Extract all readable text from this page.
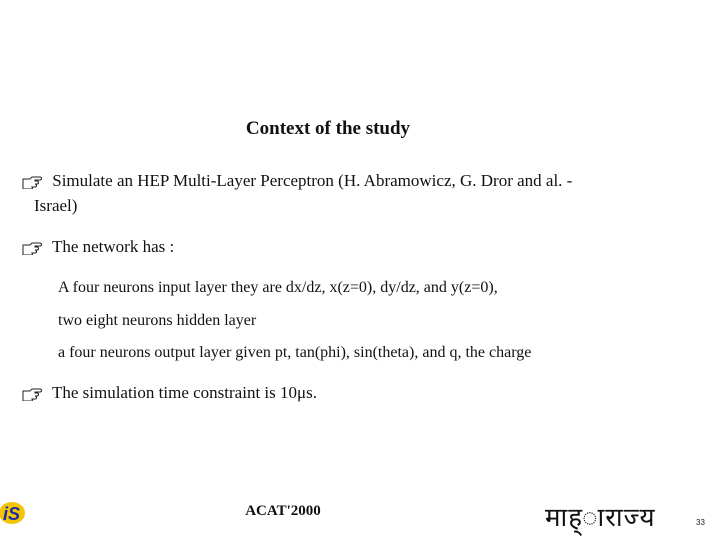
Context of the study
Simulate an HEP Multi-Layer Perceptron (H. Abramowicz, G. Dror and al. -
Israel)
The network has :
A four neurons input layer they are dx/dz, x(z=0), dy/dz, and y(z=0),
two eight neurons hidden layer
a four neurons output layer given pt, tan(phi), sin(theta), and q, the charge
The simulation time constraint is 10μs.
iS	ACAT'2000	माह्ाराज्य	33
